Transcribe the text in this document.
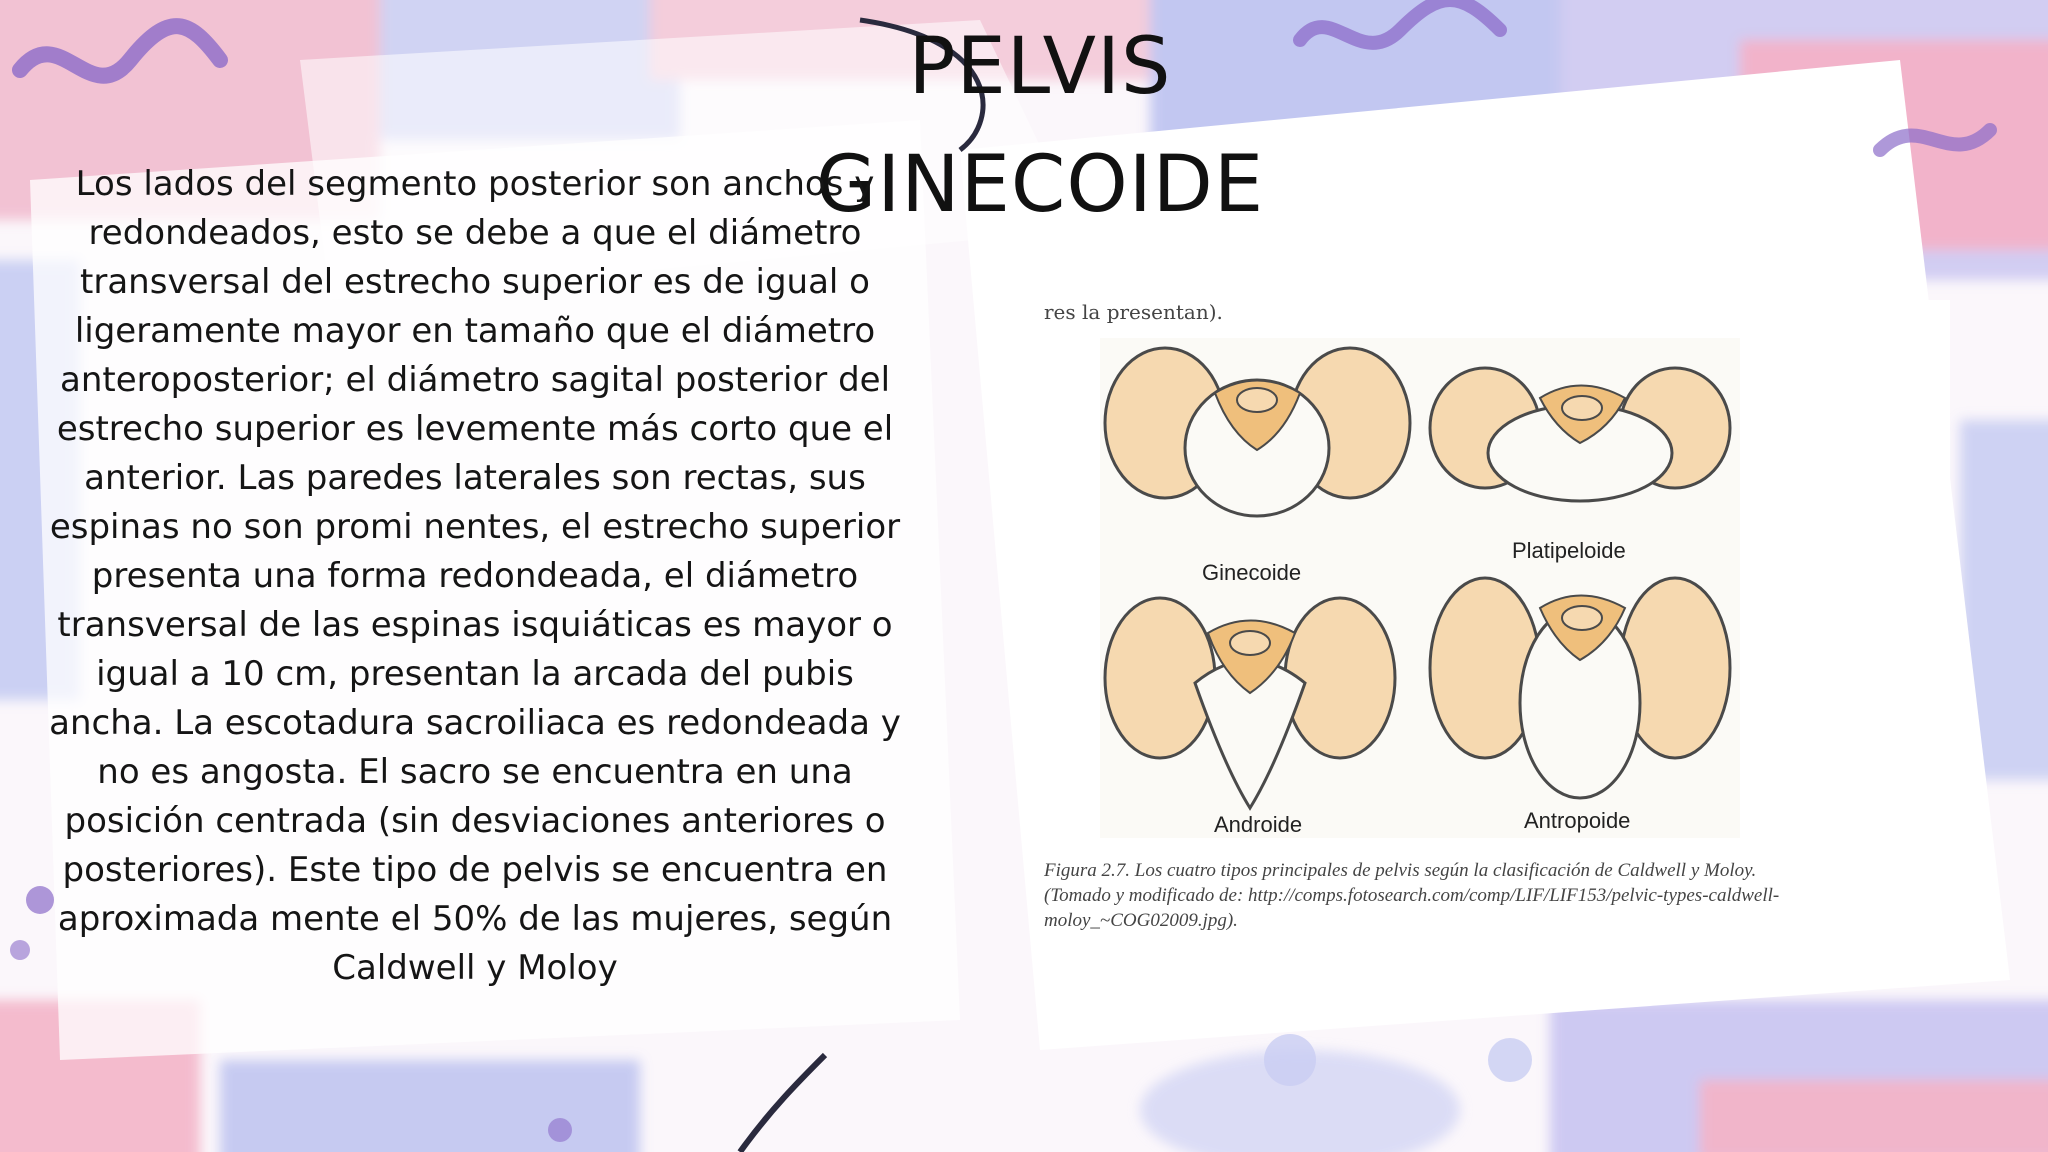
PELVIS
GINECOIDE
Los lados del segmento posterior son anchos y redondeados, esto se debe a que el diámetro transversal del estrecho superior es de igual o ligeramente mayor en tamaño que el diámetro anteroposterior; el diámetro sagital posterior del estrecho superior es levemente más corto que el anterior. Las paredes laterales son rectas, sus espinas no son promi nentes, el estrecho superior presenta una forma redondeada, el diámetro transversal de las espinas isquiáticas es mayor o igual a 10 cm, presentan la arcada del pubis ancha. La escotadura sacroiliaca es redondeada y no es angosta. El sacro se encuentra en una posición centrada (sin desviaciones anteriores o posteriores). Este tipo de pelvis se encuentra en aproximada mente el 50% de las mujeres, según Caldwell y Moloy
res la presentan).
Ginecoide
Platipeloide
Androide	Antropoide
Figura 2.7. Los cuatro tipos principales de pelvis según la clasificación de Caldwell y Moloy. (Tomado y modificado de: http://comps.fotosearch.com/comp/LIF/LIF153/pelvic-types-caldwell-moloy_~COG02009.jpg).
